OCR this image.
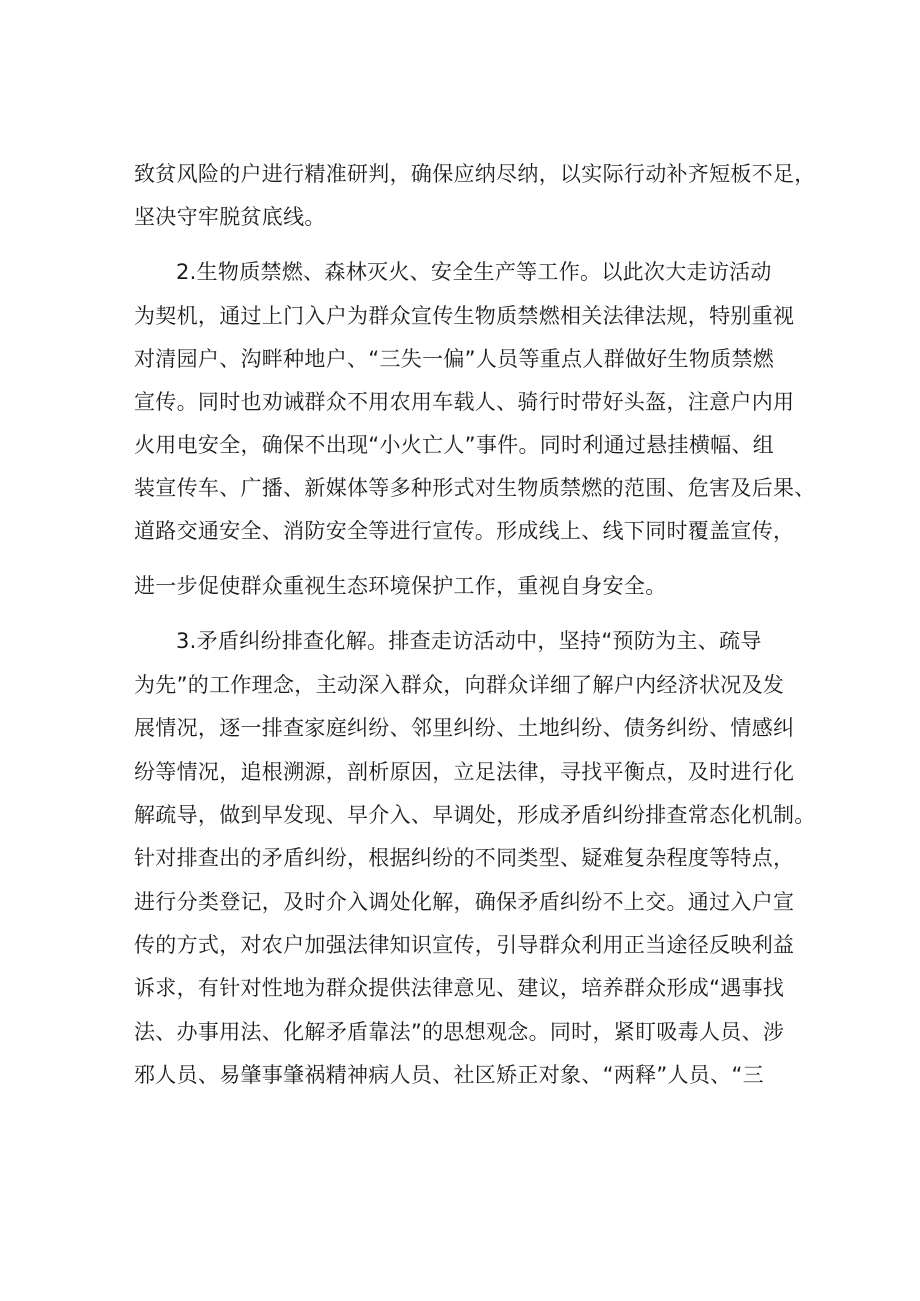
致贫风险的户进行精准研判，确保应纳尽纳，以实际行动补齐短板不足，
坚决守牢脱贫底线。
2.生物质禁燃、森林灭火、安全生产等工作。以此次大走访活动
为契机，通过上门入户为群众宣传生物质禁燃相关法律法规，特别重视
对清园户、沟畔种地户、“三失一偏”人员等重点人群做好生物质禁燃
宣传。同时也劝诫群众不用农用车载人、骑行时带好头盔，注意户内用
火用电安全，确保不出现“小火亡人”事件。同时利通过悬挂横幅、组
装宣传车、广播、新媒体等多种形式对生物质禁燃的范围、危害及后果、
道路交通安全、消防安全等进行宣传。形成线上、线下同时覆盖宣传，
进一步促使群众重视生态环境保护工作，重视自身安全。
3.矛盾纠纷排查化解。排查走访活动中，坚持“预防为主、疏导
为先”的工作理念，主动深入群众，向群众详细了解户内经济状况及发
展情况，逐一排查家庭纠纷、邻里纠纷、土地纠纷、债务纠纷、情感纠
纷等情况，追根溯源，剖析原因，立足法律，寻找平衡点，及时进行化
解疏导，做到早发现、早介入、早调处，形成矛盾纠纷排查常态化机制。
针对排查出的矛盾纠纷，根据纠纷的不同类型、疑难复杂程度等特点，
进行分类登记，及时介入调处化解，确保矛盾纠纷不上交。通过入户宣
传的方式，对农户加强法律知识宣传，引导群众利用正当途径反映利益
诉求，有针对性地为群众提供法律意见、建议，培养群众形成“遇事找
法、办事用法、化解矛盾靠法”的思想观念。同时，紧盯吸毒人员、涉
邪人员、易肇事肇祸精神病人员、社区矫正对象、“两释”人员、“三
